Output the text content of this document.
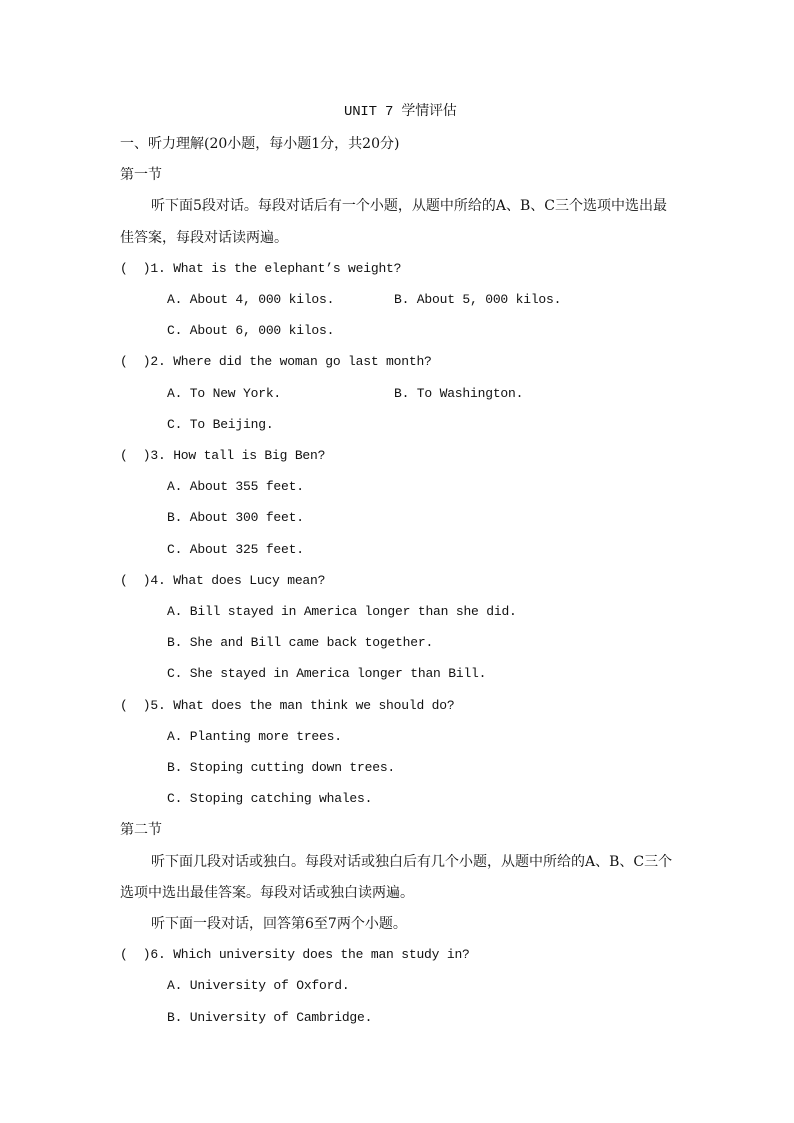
UNIT 7 学情评估
一、听力理解(20小题，每小题1分，共20分)
第一节
听下面5段对话。每段对话后有一个小题，从题中所给的A、B、C三个选项中选出最
佳答案，每段对话读两遍。
(  )1. What is the elephant’s weight?
A. About 4, 000 kilos.	B. About 5, 000 kilos.
C. About 6, 000 kilos.
(  )2. Where did the woman go last month?
A. To New York.	B. To Washington.
C. To Beijing.
(  )3. How tall is Big Ben?
A. About 355 feet.
B. About 300 feet.
C. About 325 feet.
(  )4. What does Lucy mean?
A. Bill stayed in America longer than she did.
B. She and Bill came back together.
C. She stayed in America longer than Bill.
(  )5. What does the man think we should do?
A. Planting more trees.
B. Stoping cutting down trees.
C. Stoping catching whales.
第二节
听下面几段对话或独白。每段对话或独白后有几个小题，从题中所给的A、B、C三个
选项中选出最佳答案。每段对话或独白读两遍。
听下面一段对话，回答第6至7两个小题。
(  )6. Which university does the man study in?
A. University of Oxford.
B. University of Cambridge.
